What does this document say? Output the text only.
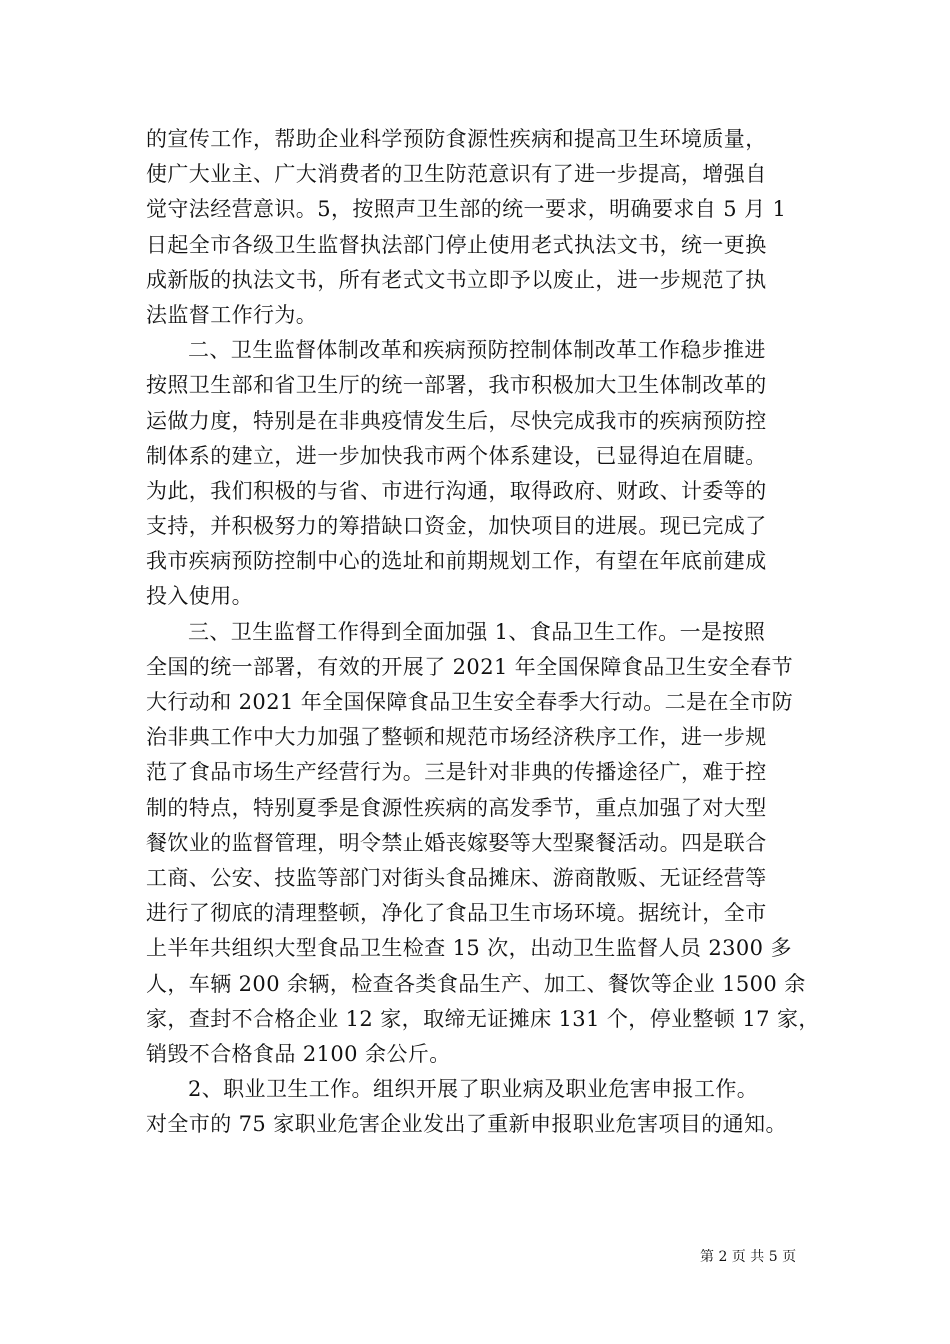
的宣传工作，帮助企业科学预防食源性疾病和提高卫生环境质量，
使广大业主、广大消费者的卫生防范意识有了进一步提高，增强自
觉守法经营意识。5，按照声卫生部的统一要求，明确要求自 5 月 1
日起全市各级卫生监督执法部门停止使用老式执法文书，统一更换
成新版的执法文书，所有老式文书立即予以废止，进一步规范了执
法监督工作行为。
二、卫生监督体制改革和疾病预防控制体制改革工作稳步推进
按照卫生部和省卫生厅的统一部署，我市积极加大卫生体制改革的
运做力度，特别是在非典疫情发生后，尽快完成我市的疾病预防控
制体系的建立，进一步加快我市两个体系建设，已显得迫在眉睫。
为此，我们积极的与省、市进行沟通，取得政府、财政、计委等的
支持，并积极努力的筹措缺口资金，加快项目的进展。现已完成了
我市疾病预防控制中心的选址和前期规划工作，有望在年底前建成
投入使用。
三、卫生监督工作得到全面加强 1、食品卫生工作。一是按照
全国的统一部署，有效的开展了 2021 年全国保障食品卫生安全春节
大行动和 2021 年全国保障食品卫生安全春季大行动。二是在全市防
治非典工作中大力加强了整顿和规范市场经济秩序工作，进一步规
范了食品市场生产经营行为。三是针对非典的传播途径广，难于控
制的特点，特别夏季是食源性疾病的高发季节，重点加强了对大型
餐饮业的监督管理，明令禁止婚丧嫁娶等大型聚餐活动。四是联合
工商、公安、技监等部门对街头食品摊床、游商散贩、无证经营等
进行了彻底的清理整顿，净化了食品卫生市场环境。据统计，全市
上半年共组织大型食品卫生检查 15 次，出动卫生监督人员 2300 多
人，车辆 200 余辆，检查各类食品生产、加工、餐饮等企业 1500 余
家，查封不合格企业 12 家，取缔无证摊床 131 个，停业整顿 17 家，
销毁不合格食品 2100 余公斤。
2、职业卫生工作。组织开展了职业病及职业危害申报工作。
对全市的 75 家职业危害企业发出了重新申报职业危害项目的通知。
第 2 页 共 5 页
